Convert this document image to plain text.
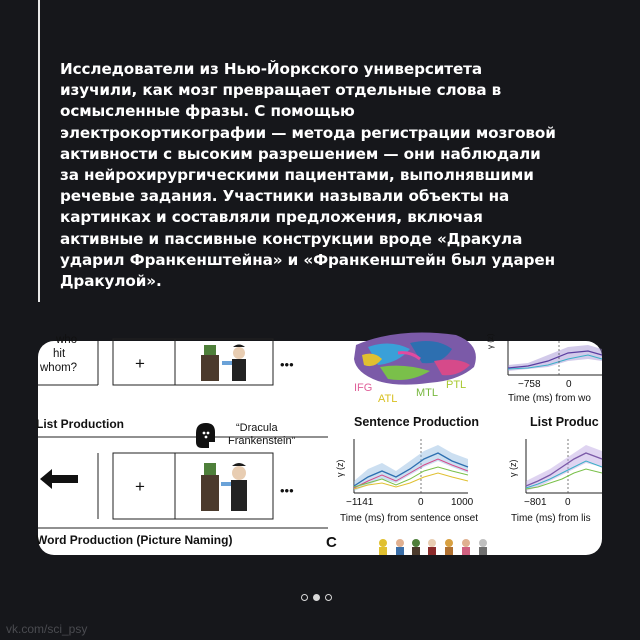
Исследователи из Нью-Йоркского университета
изучили, как мозг превращает отдельные слова в
осмысленные фразы. С помощью
электрокортикографии — метода регистрации мозговой
активности с высоким разрешением — они наблюдали
за нейрохирургическими пациентами, выполнявшими
речевые задания. Участники называли объекты на
картинках и составляли предложения, включая
активные и пассивные конструкции вроде «Дракула
ударил Франкенштейна» и «Франкенштейн был ударен
Дракулой».

who
hit
whom?	+	•••
List Production	“Dracula
Frankenstein”
+	•••
Word Production (Picture Naming)
IFG
ATL MTL
PTL
γ (z)
−758	0
Time (ms) from wo
Sentence Production
γ (z)
−1141	0	1000
Time (ms) from sentence onset
List Produc
γ (z)
−801 0
Time (ms) from lis
C
vk.com/sci_psy
